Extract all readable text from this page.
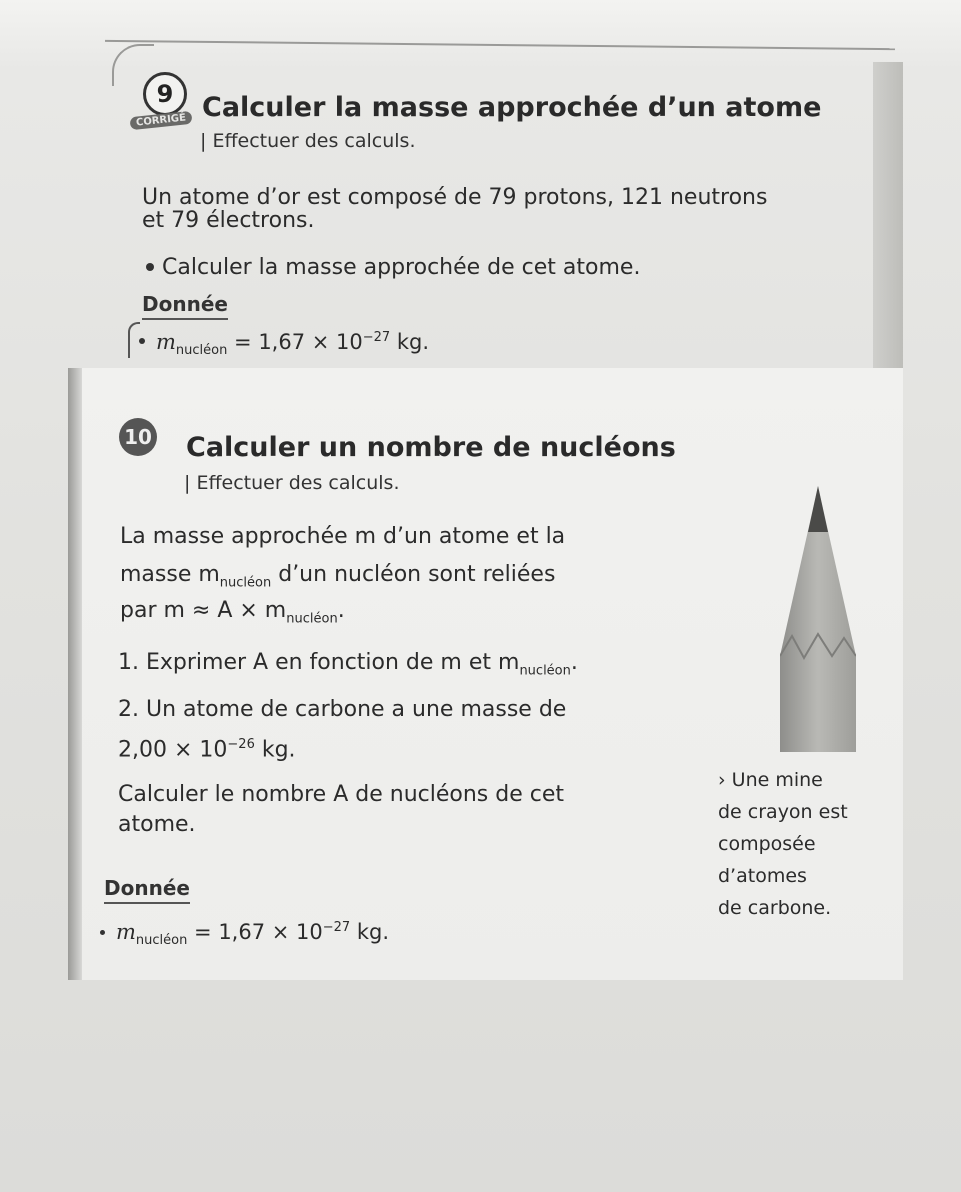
9
CORRIGÉ Calculer la masse approchée d’un atome
| Effectuer des calculs.
Un atome d’or est composé de 79 protons, 121 neutrons
et 79 électrons.
Calculer la masse approchée de cet atome.
Donnée
$m_{nucléon} = 1,67 \times 10^{-27}$ kg.
10 Calculer un nombre de nucléons
| Effectuer des calculs.
La masse approchée m d’un atome et la
masse $m_{nucléon}$ d’un nucléon sont reliées
par $m \approx A \times m_{nucléon}$.
1. Exprimer A en fonction de m et $m_{nucléon}$.
2. Un atome de carbone a une masse de
$2,00 \times 10^{-26}$ kg.
Calculer le nombre A de nucléons de cet
atome.
Donnée
$m_{nucléon} = 1,67 \times 10^{-27}$ kg.
› Une mine
de crayon est
composée
d’atomes
de carbone.
